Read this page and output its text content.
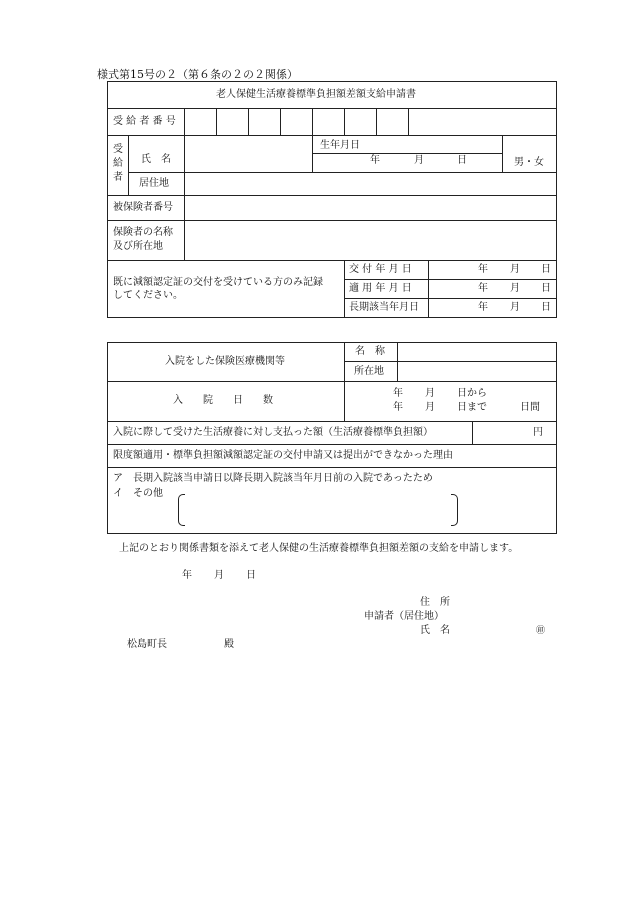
様式第15号の２（第６条の２の２関係）
老人保健生活療養標準負担額差額支給申請書
受 給 者 番 号
受
給
者
氏　名
生年月日
年	月	日	男・女
居住地
被保険者番号
保険者の名称
及び所在地
既に減額認定証の交付を受けている方のみ記録
してください。
交 付 年 月 日
適 用 年 月 日
長期該当年月日
年 月 日
年 月 日
年 月 日
入院をした保険医療機関等
名　称
所在地
入　　院　　日　　数
年 月 日から
年 月 日まで	日間
入院に際して受けた生活療養に対し支払った額（生活療養標準負担額）	円
限度額適用・標準負担額減額認定証の交付申請又は提出ができなかった理由
ア　長期入院該当申請日以降長期入院該当年月日前の入院であったため
イ　その他
上記のとおり関係書類を添えて老人保健の生活療養標準負担額差額の支給を申請します。
年 月 日
住　所
申請者（居住地）
氏　名	㊞
松島町長	殿
